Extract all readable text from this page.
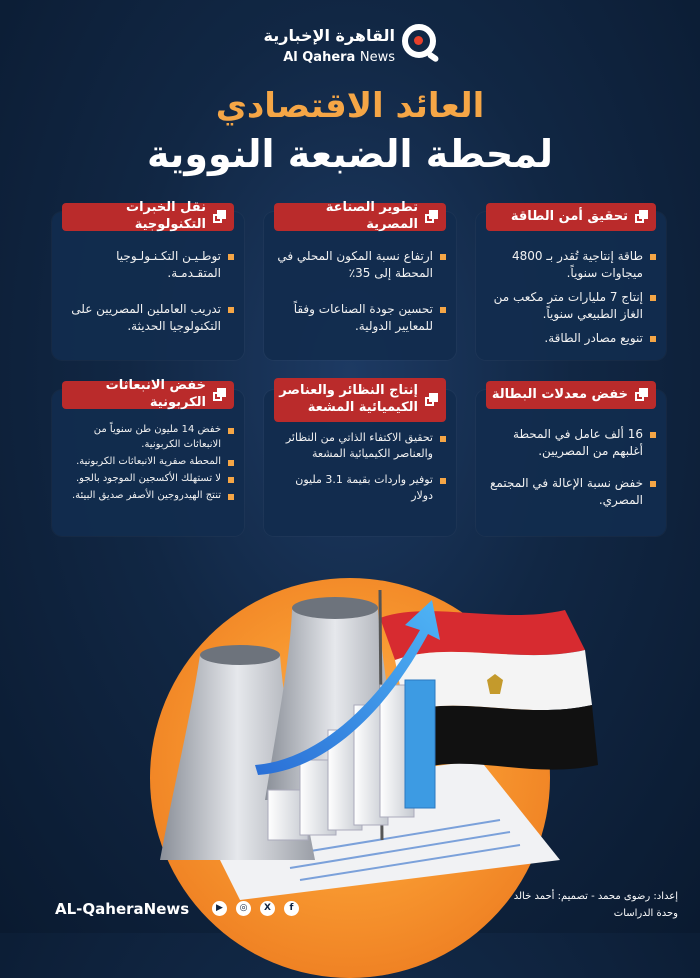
القاهرة الإخبارية
Al Qahera News
العائد الاقتصادي
لمحطة الضبعة النووية
تحقيق أمن الطاقة
طاقة إنتاجية تُقدر بـ 4800 ميجاوات سنوياً.
إنتاج 7 مليارات متر مكعب من الغاز الطبيعي سنوياً.
تنويع مصادر الطاقة.
تطوير الصناعة المصرية
ارتفاع نسبة المكون المحلي في المحطة إلى 35٪
تحسين جودة الصناعات وفقاً للمعايير الدولية.
نقل الخبرات التكنولوجية
توطـيـن التكـنـولـوجيا المتقـدمـة.
تدريب العاملين المصريين على التكنولوجيا الحديثة.
خفض معدلات البطالة
16 ألف عامل في المحطة أغلبهم من المصريين.
خفض نسبة الإعالة في المجتمع المصري.
إنتاج النظائر والعناصر الكيميائية المشعة
تحقيق الاكتفاء الذاتي من النظائر والعناصر الكيميائية المشعة
توفير واردات بقيمة 3.1 مليون دولار
خفض الانبعاثات الكربونية
خفض 14 مليون طن سنوياً من الانبعاثات الكربونية.
المحطة صفرية الانبعاثات الكربونية.
لا تستهلك الأكسجين الموجود بالجو.
تنتج الهيدروجين الأصفر صديق البيئة.
AL-QaheraNews	▶	◎	X	f
إعداد: رضوى محمد - تصميم: أحمد خالد
وحدة الدراسات
